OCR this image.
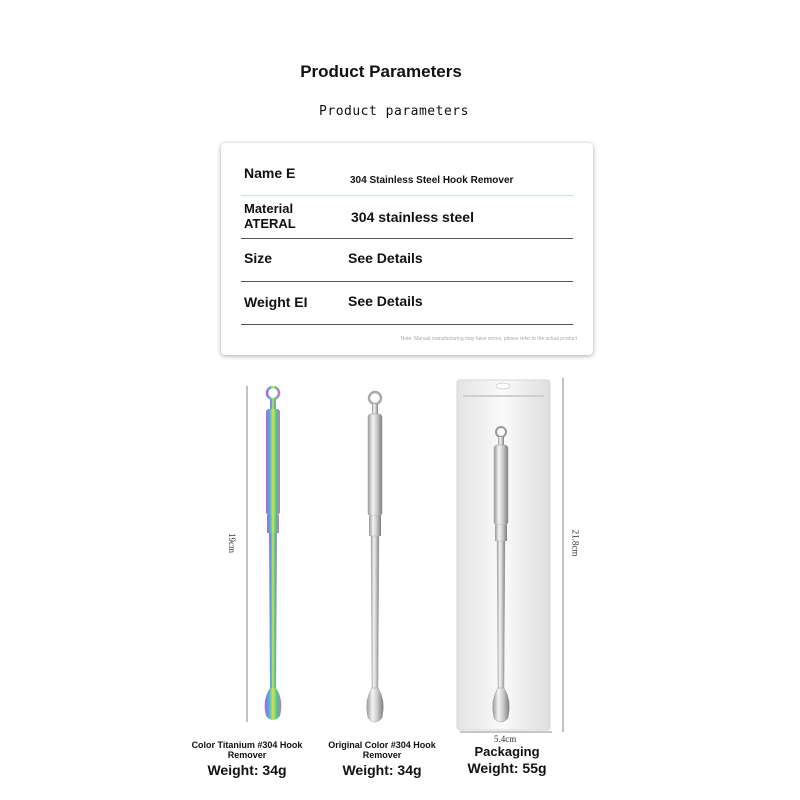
Product Parameters
Product parameters
Name E	304 Stainless Steel Hook Remover
Material
ATERAL	304 stainless steel
Size	See Details
Weight EI	See Details
Note: Manual manufacturing may have errors, please refer to the actual product
19cm	21.8cm
5.4cm
Color Titanium #304 Hook Remover
Weight: 34g
Original Color #304 Hook Remover
Weight: 34g
Packaging
Weight: 55g
